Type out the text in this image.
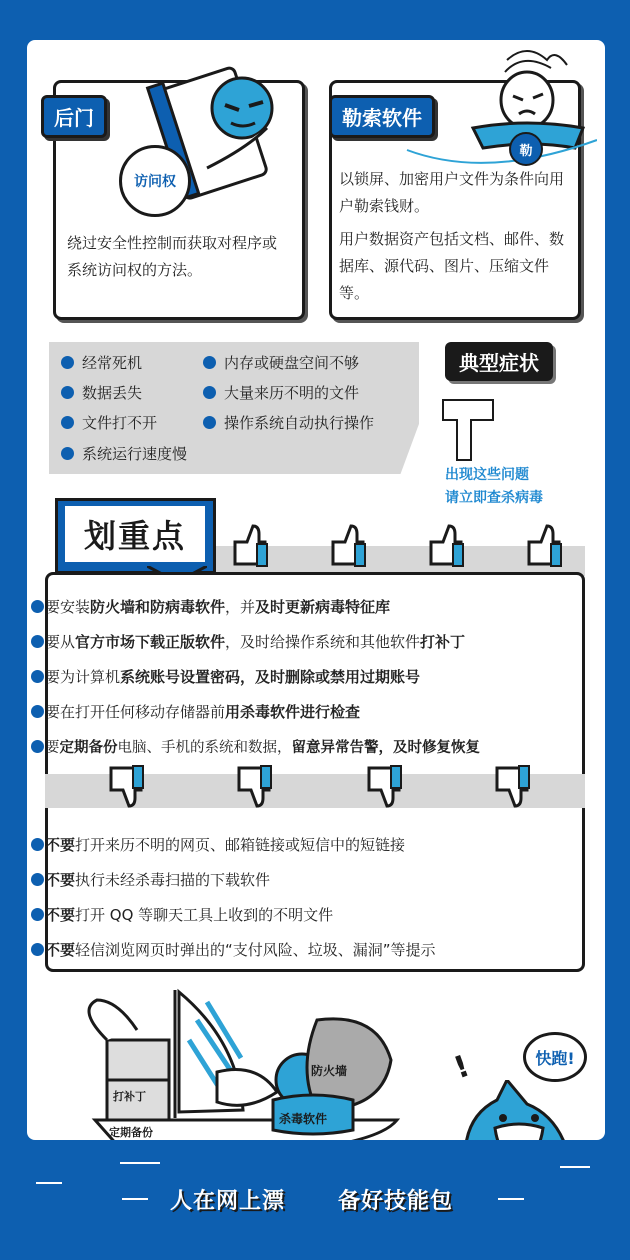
访问权
后门
绕过安全性控制而获取对程序或系统访问权的方法。
勒
勒索软件
以锁屏、加密用户文件为条件向用户勒索钱财。
用户数据资产包括文档、邮件、数据库、源代码、图片、压缩文件等。
经常死机
数据丢失
文件打不开
系统运行速度慢
内存或硬盘空间不够
大量来历不明的文件
操作系统自动执行操作
典型症状
出现这些问题
请立即查杀病毒
划重点
要安装防火墙和防病毒软件，并及时更新病毒特征库
要从官方市场下载正版软件，及时给操作系统和其他软件打补丁
要为计算机系统账号设置密码，及时删除或禁用过期账号
要在打开任何移动存储器前用杀毒软件进行检查
要定期备份电脑、手机的系统和数据，留意异常告警，及时修复恢复
不要打开来历不明的网页、邮箱链接或短信中的短链接
不要执行未经杀毒扫描的下载软件
不要打开 QQ 等聊天工具上收到的不明文件
不要轻信浏览网页时弹出的“支付风险、垃圾、漏洞”等提示
打补丁
定期备份
防火墙
杀毒软件
!	快跑!
人在网上漂 备好技能包
